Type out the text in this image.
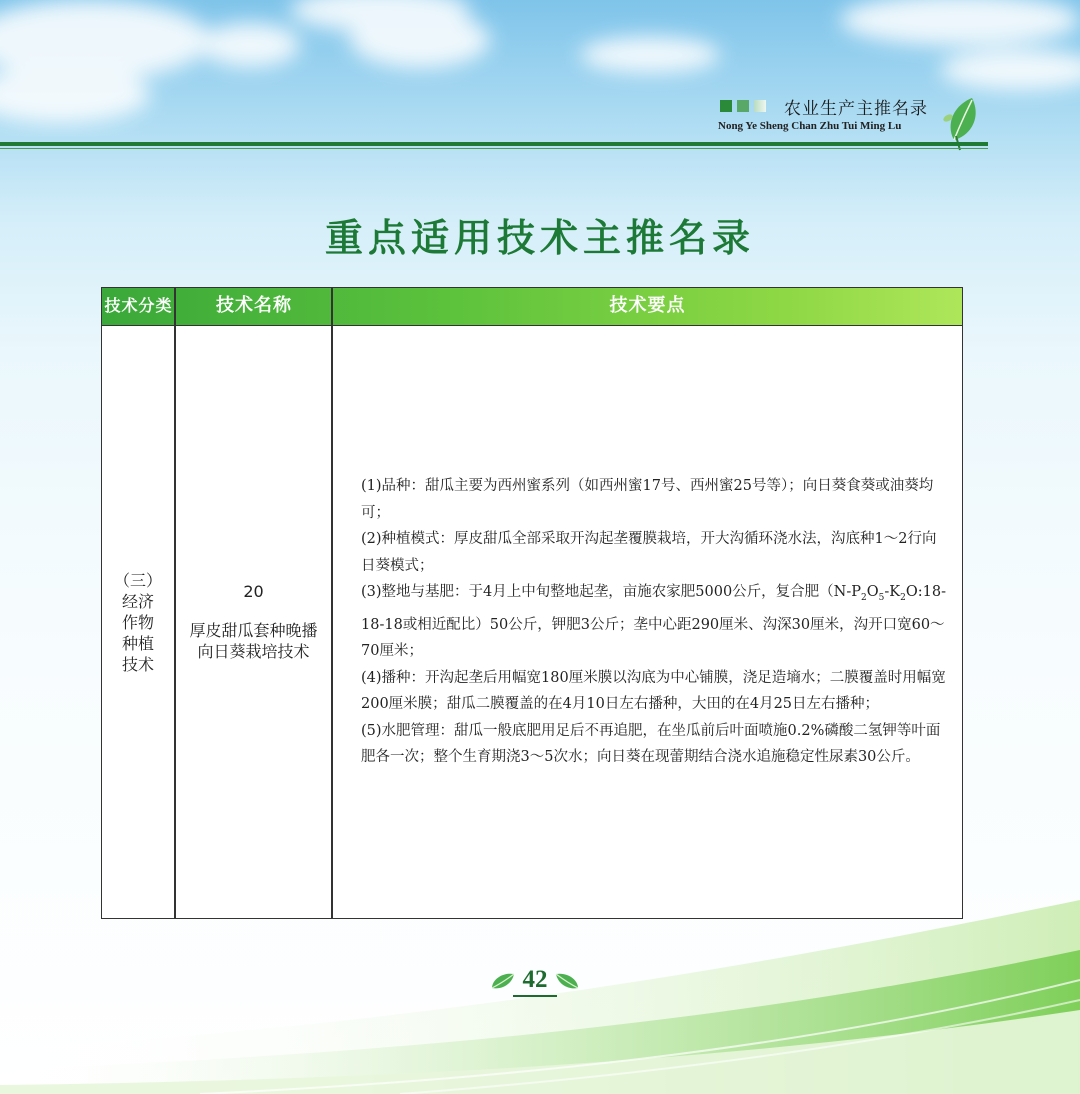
农业生产主推名录
Nong Ye Sheng Chan Zhu Tui Ming Lu
重点适用技术主推名录
技术分类	技术名称	技术要点
（三）
经济
作物
种植
技术
20
厚皮甜瓜套种晚播向日葵栽培技术

(1)品种：甜瓜主要为西州蜜系列（如西州蜜17号、西州蜜25号等）；向日葵食葵或油葵均可；

(2)种植模式：厚皮甜瓜全部采取开沟起垄覆膜栽培，开大沟循环浇水法，沟底种1～2行向日葵模式；

(3)整地与基肥：于4月上中旬整地起垄，亩施农家肥5000公斤，复合肥（$N-P_2O_5-K_2O:18-18-18$或相近配比）50公斤，钾肥3公斤；垄中心距290厘米、沟深30厘米，沟开口宽60～70厘米；

(4)播种：开沟起垄后用幅宽180厘米膜以沟底为中心铺膜，浇足造墒水；二膜覆盖时用幅宽200厘米膜；甜瓜二膜覆盖的在4月10日左右播种，大田的在4月25日左右播种；

(5)水肥管理：甜瓜一般底肥用足后不再追肥，在坐瓜前后叶面喷施0.2%磷酸二氢钾等叶面肥各一次；整个生育期浇3～5次水；向日葵在现蕾期结合浇水追施稳定性尿素30公斤。

42
